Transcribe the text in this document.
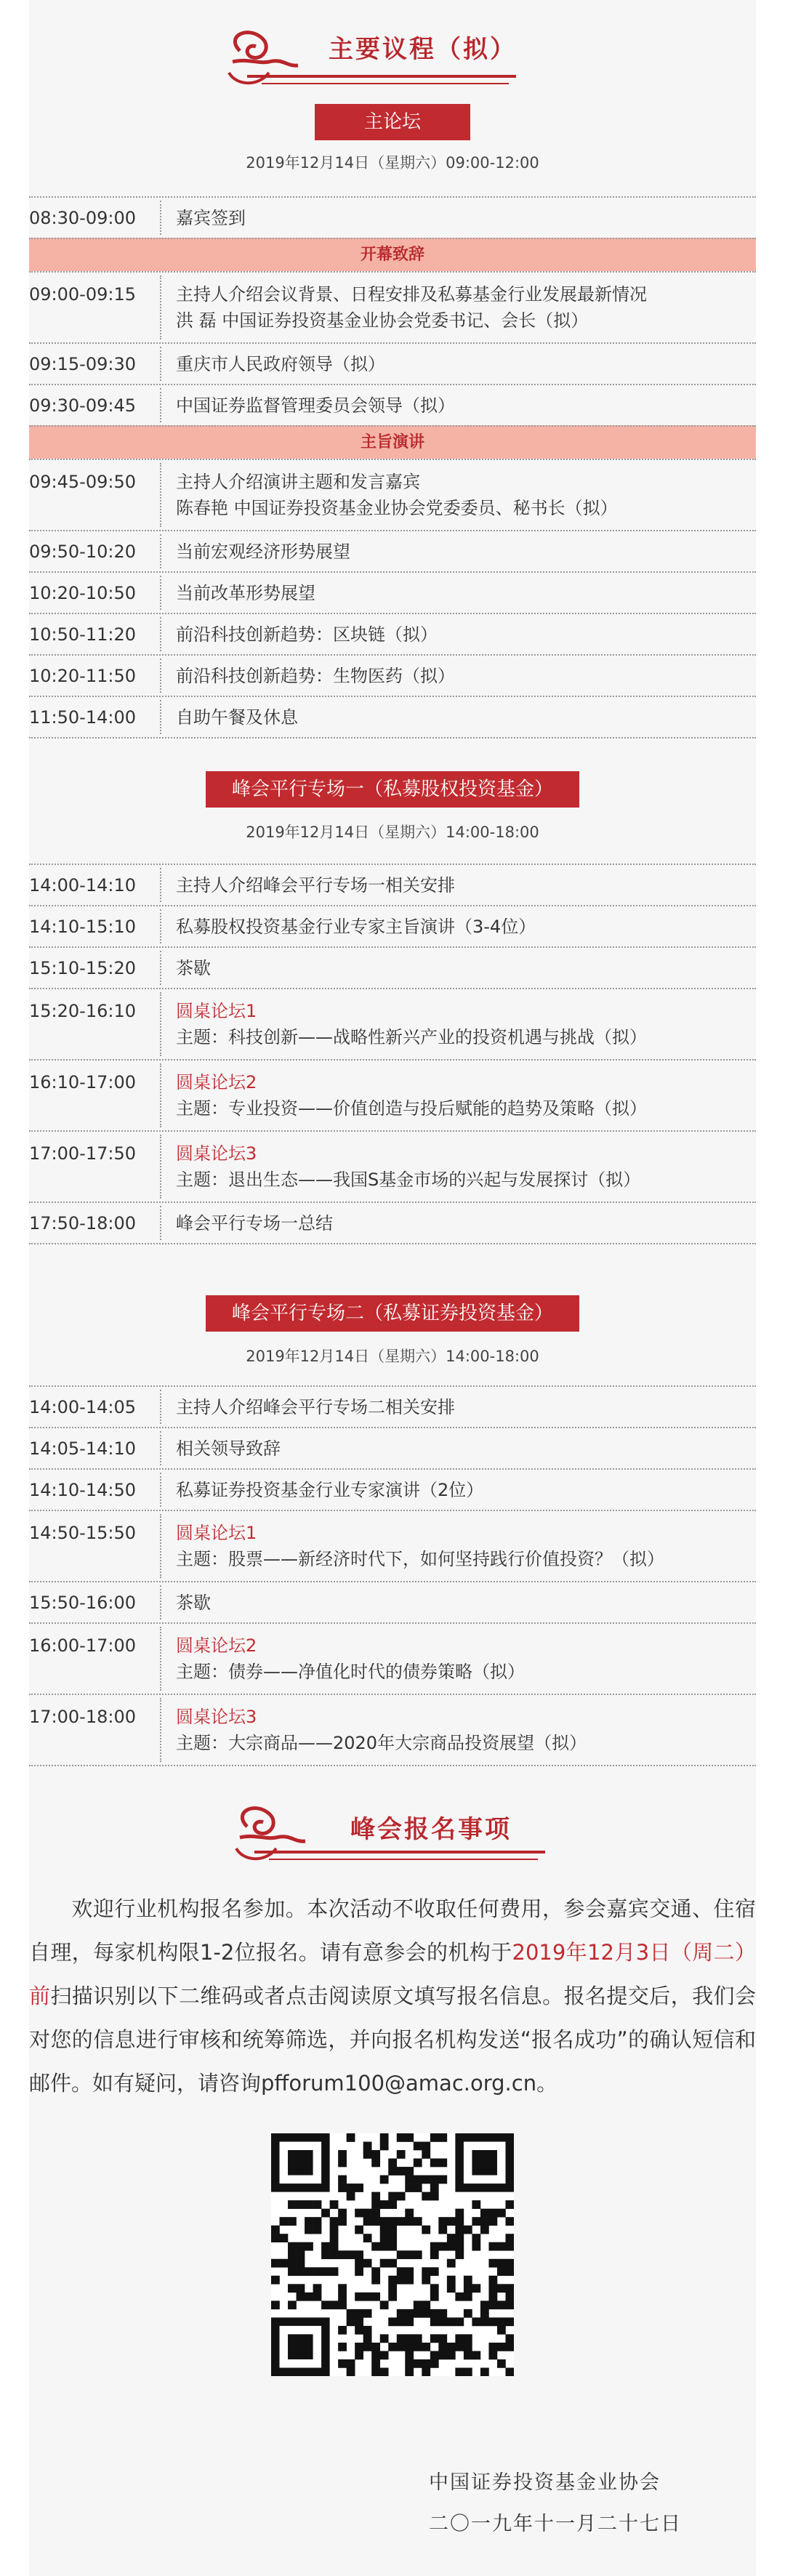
主要议程（拟）
主论坛
2019年12月14日（星期六）09:00-12:00
08:30-09:00	嘉宾签到
开幕致辞
09:00-09:15	主持人介绍会议背景、日程安排及私募基金行业发展最新情况
洪 磊 中国证券投资基金业协会党委书记、会长（拟）
09:15-09:30	重庆市人民政府领导（拟）
09:30-09:45	中国证券监督管理委员会领导（拟）
主旨演讲
09:45-09:50	主持人介绍演讲主题和发言嘉宾
陈春艳 中国证券投资基金业协会党委委员、秘书长（拟）
09:50-10:20	当前宏观经济形势展望
10:20-10:50	当前改革形势展望
10:50-11:20	前沿科技创新趋势：区块链（拟）
10:20-11:50	前沿科技创新趋势：生物医药（拟）
11:50-14:00	自助午餐及休息
峰会平行专场一（私募股权投资基金）
2019年12月14日（星期六）14:00-18:00
14:00-14:10	主持人介绍峰会平行专场一相关安排
14:10-15:10	私募股权投资基金行业专家主旨演讲（3-4位）
15:10-15:20	茶歇
15:20-16:10	圆桌论坛1
主题：科技创新——战略性新兴产业的投资机遇与挑战（拟）
16:10-17:00	圆桌论坛2
主题：专业投资——价值创造与投后赋能的趋势及策略（拟）
17:00-17:50	圆桌论坛3
主题：退出生态——我国S基金市场的兴起与发展探讨（拟）
17:50-18:00	峰会平行专场一总结
峰会平行专场二（私募证券投资基金）
2019年12月14日（星期六）14:00-18:00
14:00-14:05	主持人介绍峰会平行专场二相关安排
14:05-14:10	相关领导致辞
14:10-14:50	私募证券投资基金行业专家演讲（2位）
14:50-15:50	圆桌论坛1
主题：股票——新经济时代下，如何坚持践行价值投资？（拟）
15:50-16:00	茶歇
16:00-17:00	圆桌论坛2
主题：债券——净值化时代的债券策略（拟）
17:00-18:00	圆桌论坛3
主题：大宗商品——2020年大宗商品投资展望（拟）
峰会报名事项
  欢迎行业机构报名参加。本次活动不收取任何费用，参会嘉宾交通、住宿自理，每家机构限1-2位报名。请有意参会的机构于2019年12月3日（周二）前扫描识别以下二维码或者点击阅读原文填写报名信息。报名提交后，我们会对您的信息进行审核和统筹筛选，并向报名机构发送“报名成功”的确认短信和邮件。如有疑问，请咨询pfforum100@amac.org.cn。
中国证券投资基金业协会
二〇一九年十一月二十七日
